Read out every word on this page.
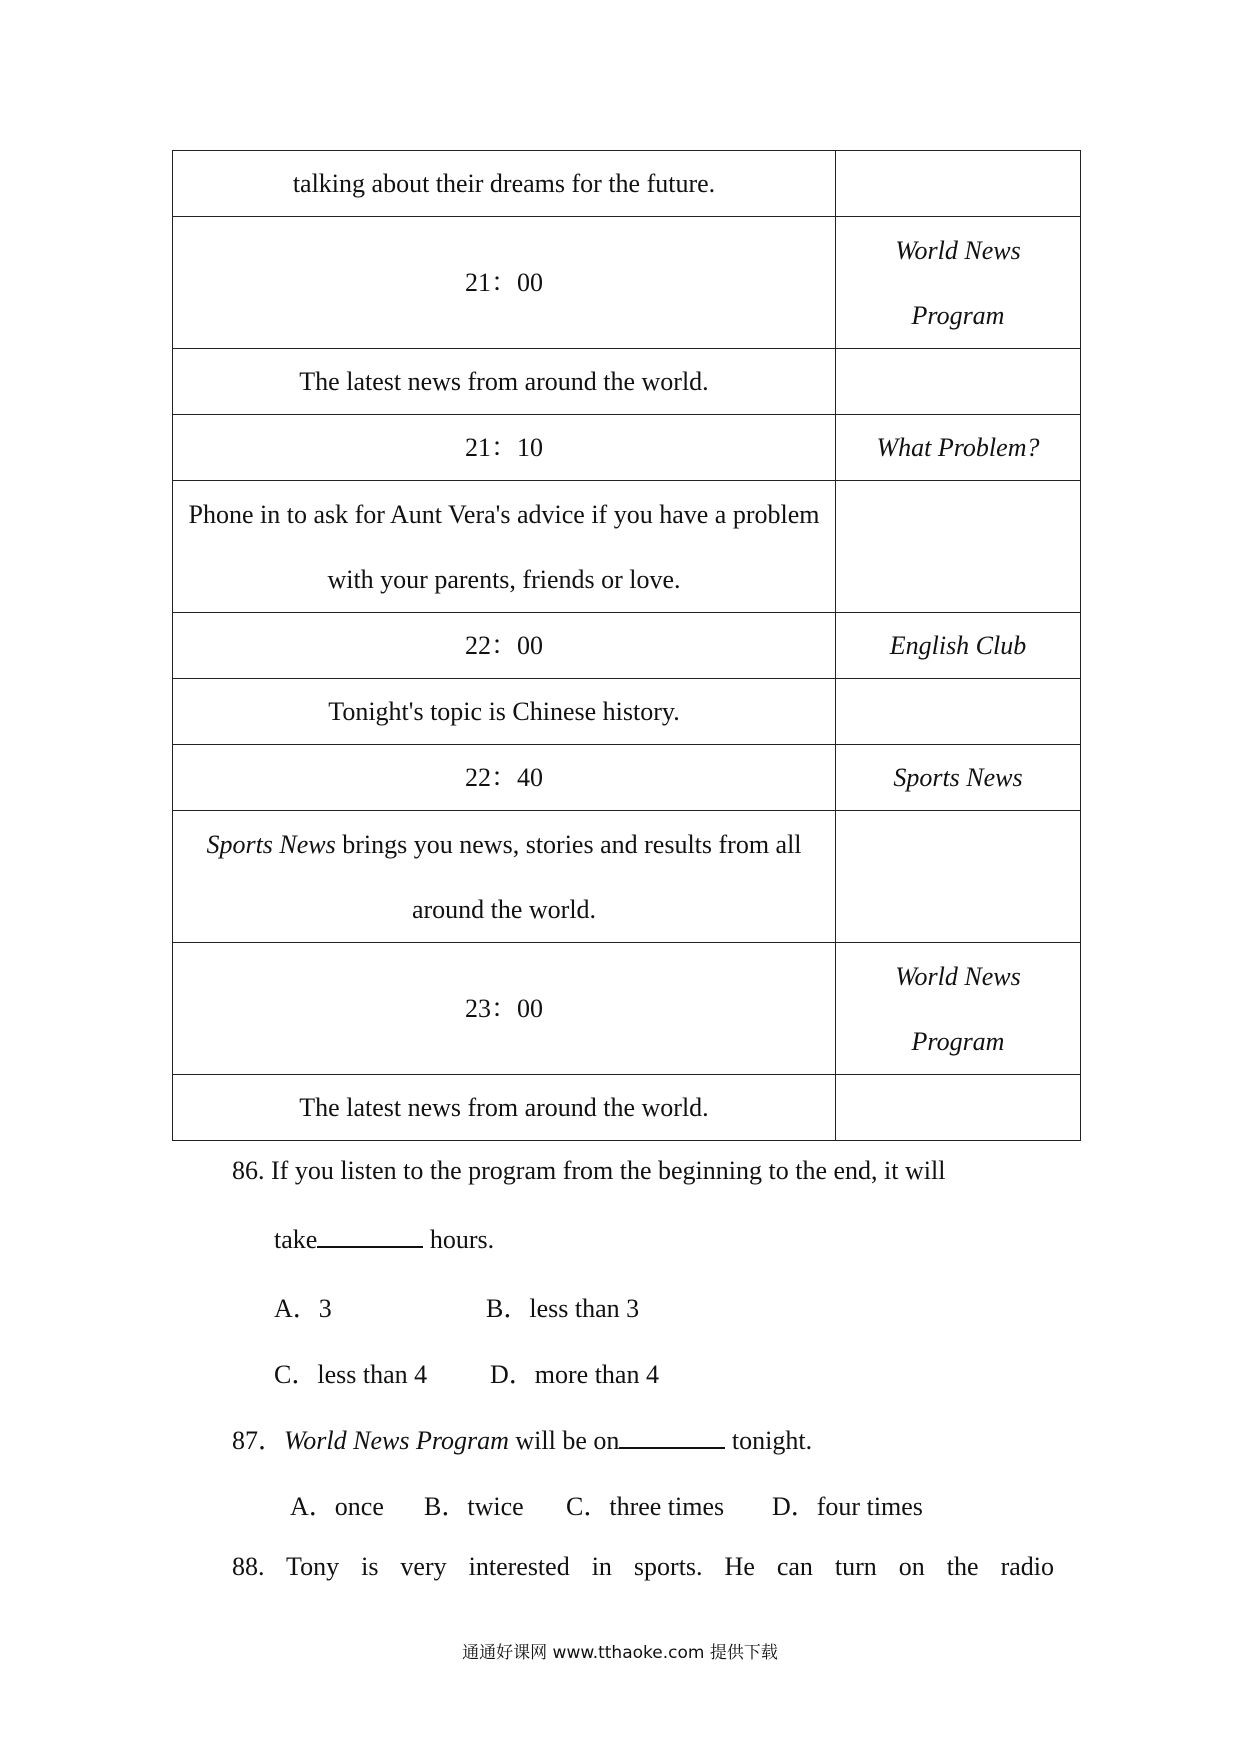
talking about their dreams for the future.	
21：00	World News Program
The latest news from around the world.	
21：10	What Problem?
Phone in to ask for Aunt Vera's advice if you have a problem with your parents, friends or love.	
22：00	English Club
Tonight's topic is Chinese history.	
22：40	Sports News
Sports News brings you news, stories and results from all around the world.	
23：00	World News Program
The latest news from around the world.	
86. If you listen to the program from the beginning to the end, it will
take	hours.
A．3	B．less than 3
C．less than 4 D．more than 4
87．World News Program will be on	tonight.
A．once B．twice C．three times D．four times
88. Tony is very interested in sports. He can turn on the radio
通通好课网 www.tthaoke.com 提供下载
